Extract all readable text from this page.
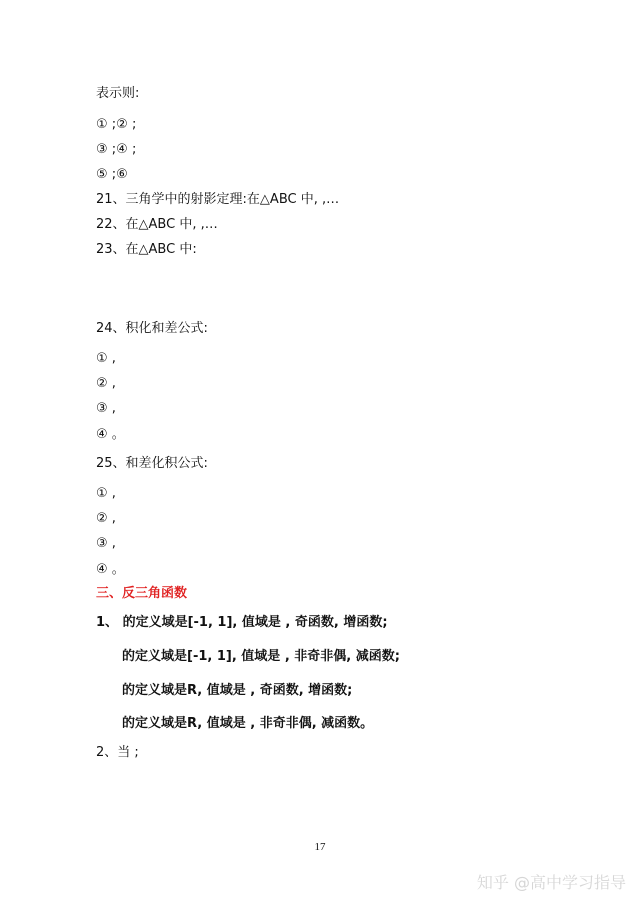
表示则:
① ;② ;
③ ;④ ;
⑤ ;⑥
21、三角学中的射影定理:在△ABC 中, ,…
22、在△ABC 中, ,…
23、在△ABC 中:
24、积化和差公式:
① ,
② ,
③ ,
④ 。
25、和差化积公式:
① ,
② ,
③ ,
④ 。
三、反三角函数
1、 的定义域是[-1, 1], 值域是 , 奇函数, 增函数;
的定义域是[-1, 1], 值域是 , 非奇非偶, 减函数;
的定义域是R, 值域是 , 奇函数, 增函数;
的定义域是R, 值域是 , 非奇非偶, 减函数。
2、当 ;
17
知乎 @高中学习指导
